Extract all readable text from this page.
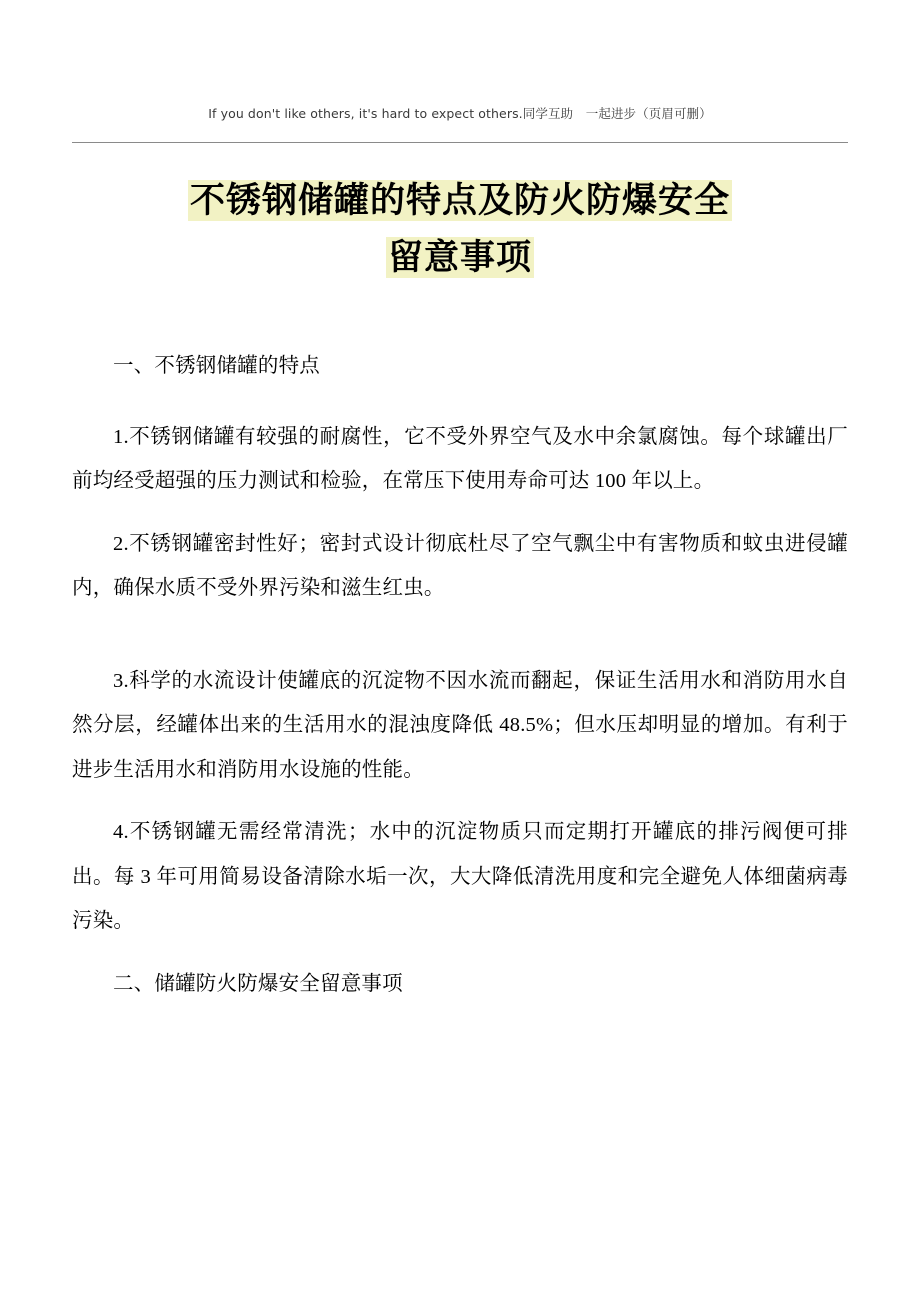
If you don't like others, it's hard to expect others.同学互助　一起进步（页眉可删）
不锈钢储罐的特点及防火防爆安全
留意事项

一、不锈钢储罐的特点

1.不锈钢储罐有较强的耐腐性，它不受外界空气及水中余氯腐蚀。每个球罐出厂前均经受超强的压力测试和检验，在常压下使用寿命可达 100 年以上。

2.不锈钢罐密封性好；密封式设计彻底杜尽了空气飘尘中有害物质和蚊虫进侵罐内，确保水质不受外界污染和滋生红虫。

3.科学的水流设计使罐底的沉淀物不因水流而翻起，保证生活用水和消防用水自然分层，经罐体出来的生活用水的混浊度降低 48.5%；但水压却明显的增加。有利于进步生活用水和消防用水设施的性能。

4.不锈钢罐无需经常清洗；水中的沉淀物质只而定期打开罐底的排污阀便可排出。每 3 年可用简易设备清除水垢一次，大大降低清洗用度和完全避免人体细菌病毒污染。

二、储罐防火防爆安全留意事项
